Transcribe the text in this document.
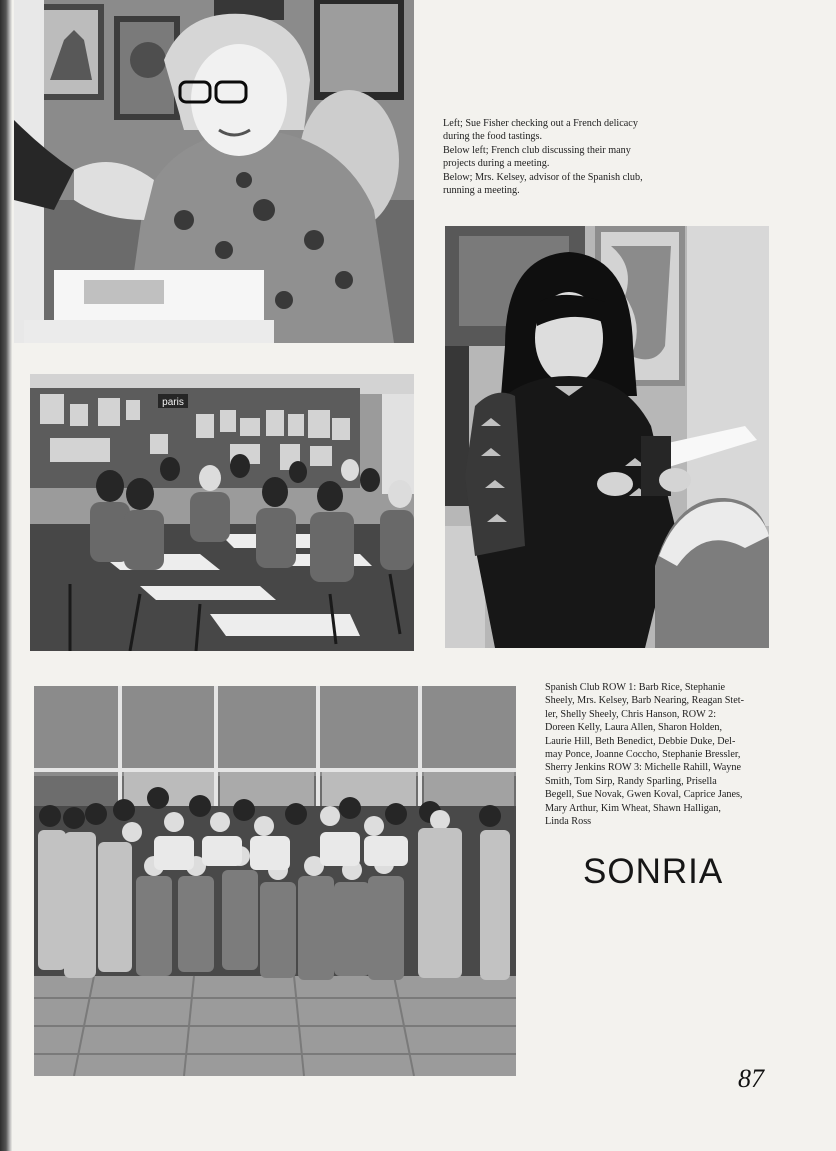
Left; Sue Fisher checking out a French delicacy
during the food tastings.
Below left; French club discussing their many
projects during a meeting.
Below; Mrs. Kelsey, advisor of the Spanish club,
running a meeting.
paris
Spanish Club ROW 1: Barb Rice, Stephanie
Sheely, Mrs. Kelsey, Barb Nearing, Reagan Stet-
ler, Shelly Sheely, Chris Hanson, ROW 2:
Doreen Kelly, Laura Allen, Sharon Holden,
Laurie Hill, Beth Benedict, Debbie Duke, Del-
may Ponce, Joanne Coccho, Stephanie Bressler,
Sherry Jenkins ROW 3: Michelle Rahill, Wayne
Smith, Tom Sirp, Randy Sparling, Prisella
Begell, Sue Novak, Gwen Koval, Caprice Janes,
Mary Arthur, Kim Wheat, Shawn Halligan,
Linda Ross
SONRIA
87
